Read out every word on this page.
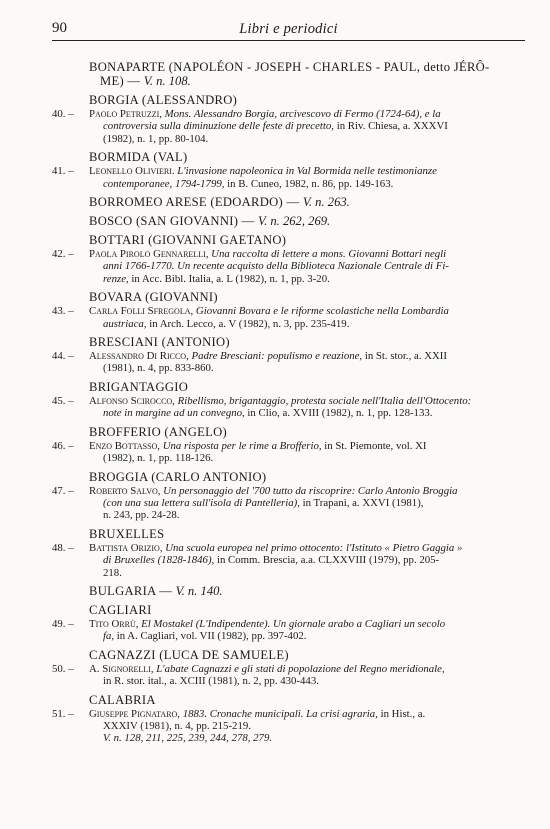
90	Libri e periodici
BONAPARTE (NAPOLÉON - JOSEPH - CHARLES - PAUL, detto JÉRÔ-
ME) — V. n. 108.
BORGIA (ALESSANDRO)
40. –	Paolo Petruzzi, Mons. Alessandro Borgia, arcivescovo di Fermo (1724-64), e la
controversia sulla diminuzione delle feste di precetto, in Riv. Chiesa, a. XXXVI
(1982), n. 1, pp. 80-104.
BORMIDA (VAL)
41. –	Leonello Olivieri. L'invasione napoleonica in Val Bormida nelle testimonianze
contemporanee, 1794-1799, in B. Cuneo, 1982, n. 86, pp. 149-163.
BORROMEO ARESE (EDOARDO) — V. n. 263.
BOSCO (SAN GIOVANNI) — V. n. 262, 269.
BOTTARI (GIOVANNI GAETANO)
42. –	Paola Pirolo Gennarelli, Una raccolta di lettere a mons. Giovanni Bottari negli
anni 1766-1770. Un recente acquisto della Biblioteca Nazionale Centrale di Fi-
renze, in Acc. Bibl. Italia, a. L (1982), n. 1, pp. 3-20.
BOVARA (GIOVANNI)
43. –	Carla Folli Sfregola, Giovanni Bovara e le riforme scolastiche nella Lombardia
austriaca, in Arch. Lecco, a. V (1982), n. 3, pp. 235-419.
BRESCIANI (ANTONIO)
44. –	Alessandro Di Ricco, Padre Bresciani: populismo e reazione, in St. stor., a. XXII
(1981), n. 4, pp. 833-860.
BRIGANTAGGIO
45. –	Alfonso Scirocco, Ribellismo, brigantaggio, protesta sociale nell'Italia dell'Ottocento:
note in margine ad un convegno, in Clio, a. XVIII (1982), n. 1, pp. 128-133.
BROFFERIO (ANGELO)
46. –	Enzo Bottasso, Una risposta per le rime a Brofferio, in St. Piemonte, vol. XI
(1982), n. 1, pp. 118-126.
BROGGIA (CARLO ANTONIO)
47. –	Roberto Salvo, Un personaggio del '700 tutto da riscoprire: Carlo Antonio Broggia
(con una sua lettera sull'isola di Pantelleria), in Trapani, a. XXVI (1981),
n. 243, pp. 24-28.
BRUXELLES
48. –	Battista Orizio, Una scuola europea nel primo ottocento: l'Istituto « Pietro Gaggia »
di Bruxelles (1828-1846), in Comm. Brescia, a.a. CLXXVIII (1979), pp. 205-
218.
BULGARIA — V. n. 140.
CAGLIARI
49. –	Tito Orrù, El Mostakel (L'Indipendente). Un giornale arabo a Cagliari un secolo
fa, in A. Cagliari, vol. VII (1982), pp. 397-402.
CAGNAZZI (LUCA DE SAMUELE)
50. –	A. Signorelli, L'abate Cagnazzi e gli stati di popolazione del Regno meridionale,
in R. stor. ital., a. XCIII (1981), n. 2, pp. 430-443.
CALABRIA
51. –	Giuseppe Pignataro, 1883. Cronache municipali. La crisi agraria, in Hist., a.
XXXIV (1981), n. 4, pp. 215-219.
V. n. 128, 211, 225, 239, 244, 278, 279.
